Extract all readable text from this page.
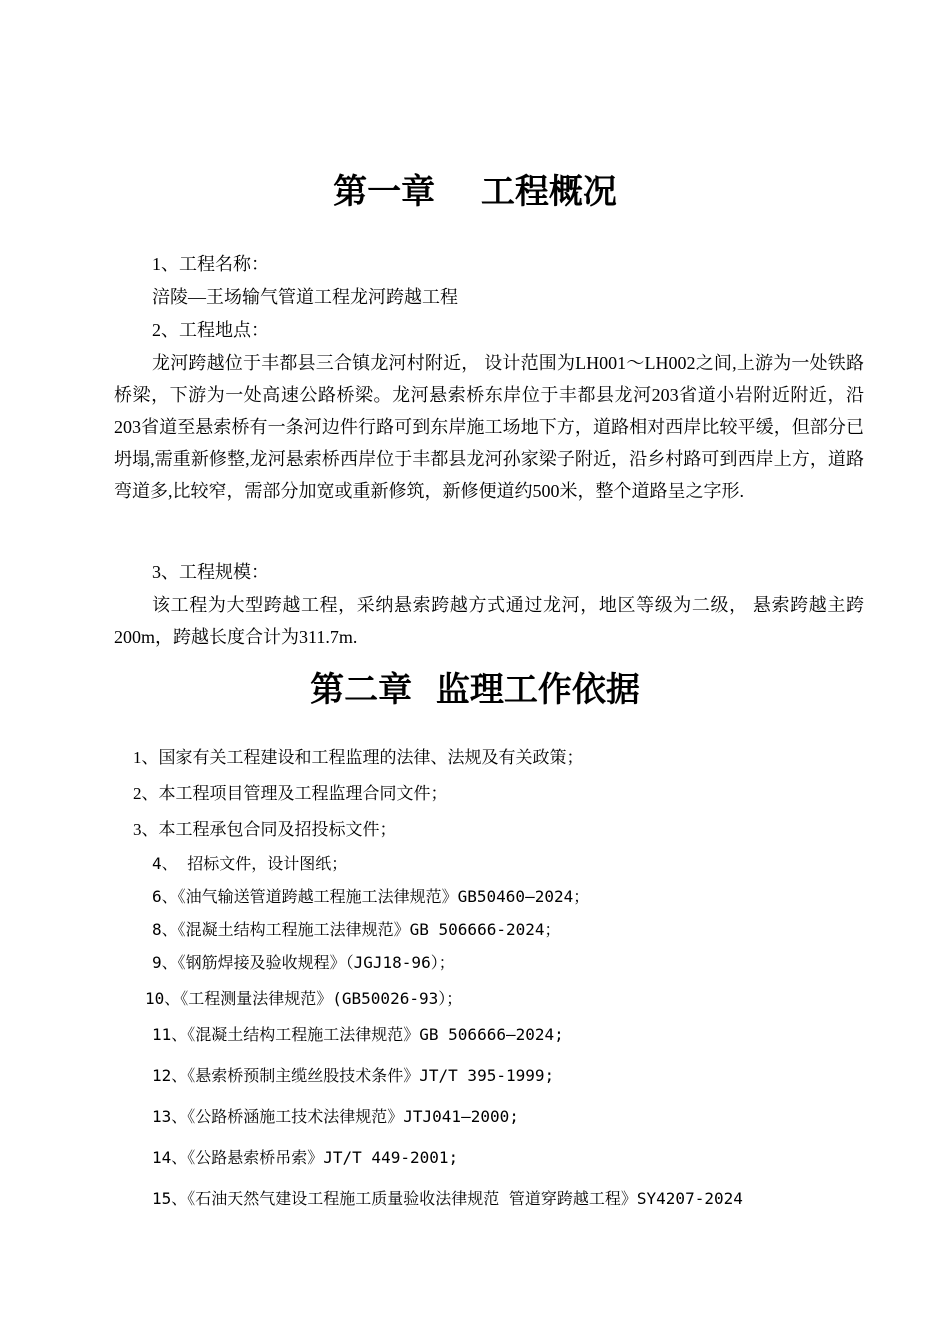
第一章　 工程概况

1、工程名称：

涪陵—王场输气管道工程龙河跨越工程

2、工程地点：

龙河跨越位于丰都县三合镇龙河村附近， 设计范围为LH001～LH002之间,上游为一处铁路桥梁，下游为一处高速公路桥梁。龙河悬索桥东岸位于丰都县龙河203省道小岩附近附近，沿203省道至悬索桥有一条河边件行路可到东岸施工场地下方，道路相对西岸比较平缓，但部分已坍塌,需重新修整,龙河悬索桥西岸位于丰都县龙河孙家梁子附近，沿乡村路可到西岸上方，道路弯道多,比较窄，需部分加宽或重新修筑，新修便道约500米，整个道路呈之字形.

3、工程规模：

该工程为大型跨越工程，采纳悬索跨越方式通过龙河，地区等级为二级， 悬索跨越主跨200m，跨越长度合计为311.7m.

第二章  监理工作依据

1、国家有关工程建设和工程监理的法律、法规及有关政策；

2、本工程项目管理及工程监理合同文件；

3、本工程承包合同及招投标文件；

4、 招标文件，设计图纸；

6、《油气输送管道跨越工程施工法律规范》GB50460—2024；

8、《混凝土结构工程施工法律规范》GB 506666-2024；

9、《钢筋焊接及验收规程》（JGJ18-96）；

10、《工程测量法律规范》(GB50026-93）；

11、《混凝土结构工程施工法律规范》GB 506666—2024;

12、《悬索桥预制主缆丝股技术条件》JT/T 395-1999;

13、《公路桥涵施工技术法律规范》JTJ041—2000;

14、《公路悬索桥吊索》JT/T 449-2001;

15、《石油天然气建设工程施工质量验收法律规范 管道穿跨越工程》SY4207-2024
